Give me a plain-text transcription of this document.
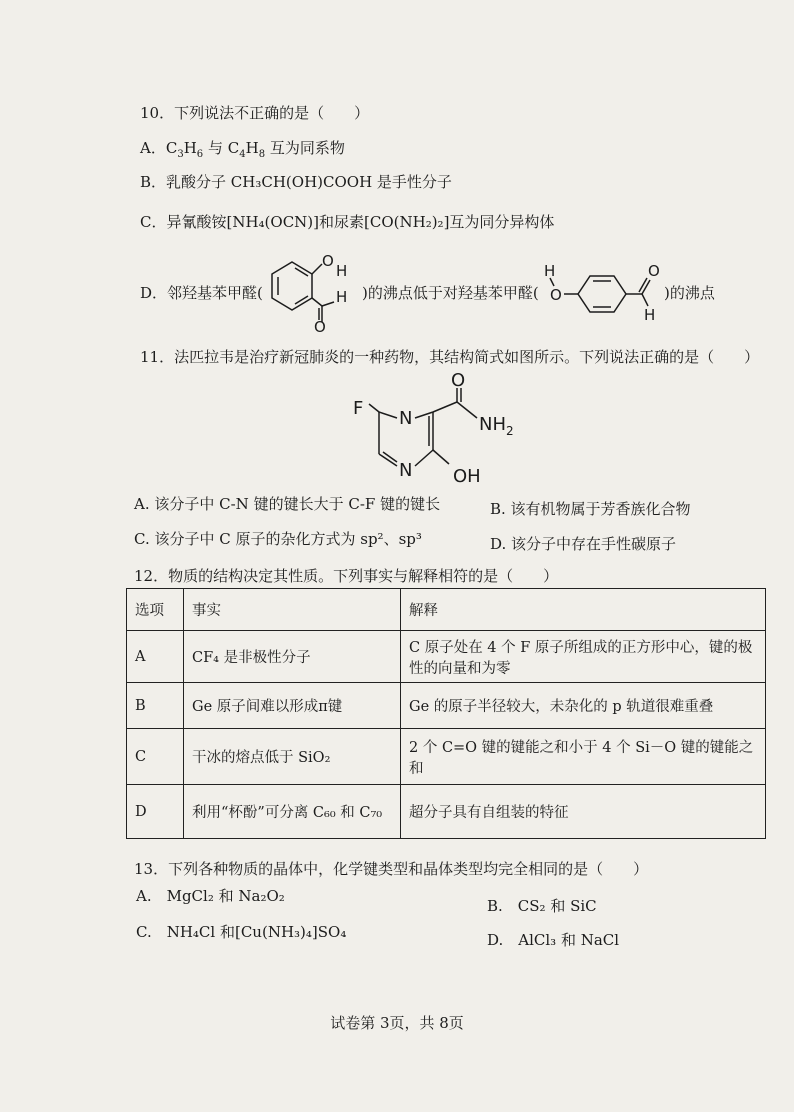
10．下列说法不正确的是（　　）
A．$C_3H_6$ 与 $C_4H_8$ 互为同系物
B．乳酸分子 CH₃CH(OH)COOH 是手性分子
C．异氰酸铵[NH₄(OCN)]和尿素[CO(NH₂)₂]互为同分异构体
D．邻羟基苯甲醛(
O
H
H
O
)的沸点低于对羟基苯甲醛(
H
O
O
H
)的沸点
11．法匹拉韦是治疗新冠肺炎的一种药物，其结构简式如图所示。下列说法正确的是（　　）
F N
N
O
$NH_2$
OH
A. 该分子中 C-N 键的键长大于 C-F 键的键长	B. 该有机物属于芳香族化合物
C. 该分子中 C 原子的杂化方式为 sp²、sp³	D. 该分子中存在手性碳原子
12．物质的结构决定其性质。下列事实与解释相符的是（　　）
选项	事实	解释
A	CF₄ 是非极性分子	C 原子处在 4 个 F 原子所组成的正方形中心，键的极性的向量和为零
B	Ge 原子间难以形成π键	Ge 的原子半径较大，未杂化的 p 轨道很难重叠
C	干冰的熔点低于 SiO₂	2 个 C=O 键的键能之和小于 4 个 Si－O 键的键能之和
D	利用“杯酚”可分离 C₆₀ 和 C₇₀	超分子具有自组装的特征
13．下列各种物质的晶体中，化学键类型和晶体类型均完全相同的是（　　）
A.　MgCl₂ 和 Na₂O₂
B.　CS₂ 和 SiC
C.　NH₄Cl 和[Cu(NH₃)₄]SO₄	D.　AlCl₃ 和 NaCl
试卷第 3页，共 8页
